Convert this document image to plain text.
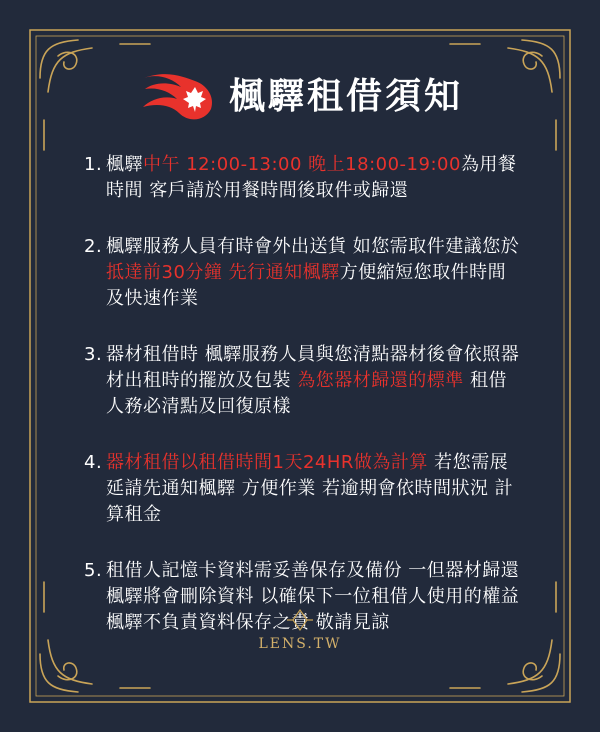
楓驛租借須知
1. 楓驛中午 12:00-13:00 晚上18:00-19:00為用餐時間 客戶請於用餐時間後取件或歸還
2. 楓驛服務人員有時會外出送貨 如您需取件建議您於抵達前30分鐘 先行通知楓驛方便縮短您取件時間及快速作業
3. 器材租借時 楓驛服務人員與您清點器材後會依照器材出租時的擺放及包裝 為您器材歸還的標準 租借人務必清點及回復原樣
4. 器材租借以租借時間1天24HR做為計算 若您需展延請先通知楓驛 方便作業 若逾期會依時間狀況 計算租金
5. 租借人記憶卡資料需妥善保存及備份 一但器材歸還 楓驛將會刪除資料 以確保下一位租借人使用的權益 楓驛不負責資料保存之責 敬請見諒
LENS.TW
